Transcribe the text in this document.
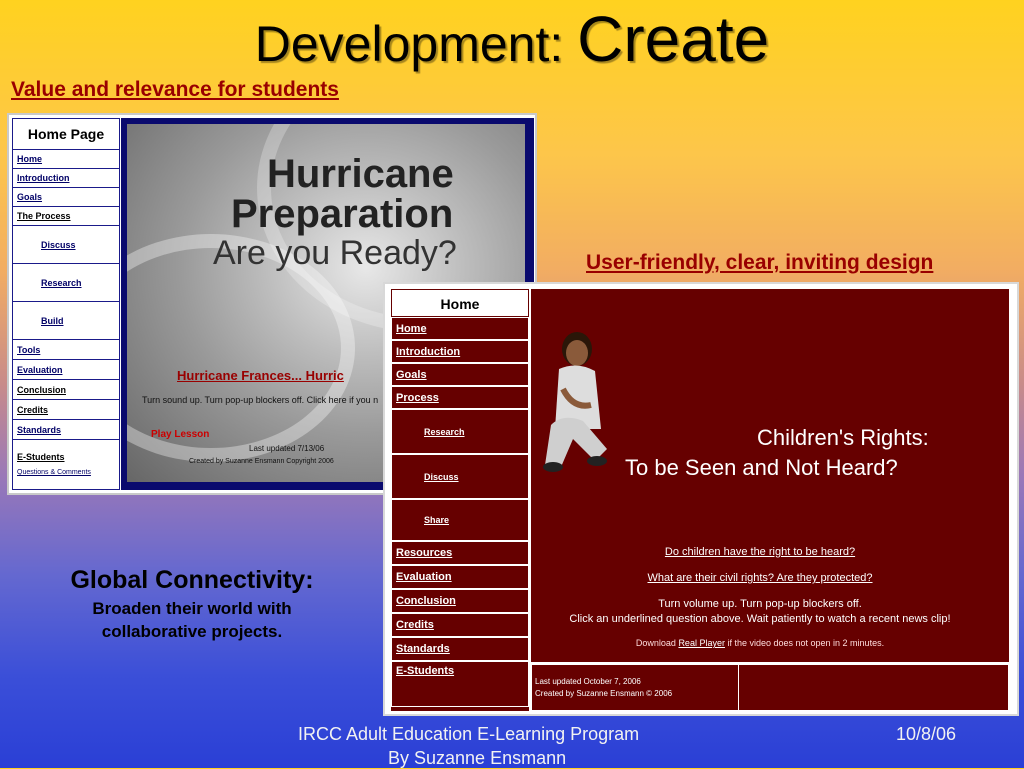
Development: Create
Value and relevance for students
User-friendly, clear, inviting design
Home Page
Home
Introduction
Goals
The Process
Discuss
Research
Build
Tools
Evaluation
Conclusion
Credits
Standards
E-Students
Questions & Comments
Hurricane
Preparation
Are you Ready?
Hurricane Frances... Hurric
Turn sound up. Turn pop-up blockers off. Click here if you n
Play Lesson
Last updated 7/13/06
Created by Suzanne Ensmann Copyright 2006
Home
Home
Introduction
Goals
Process
Research
Discuss
Share
Resources
Evaluation
Conclusion
Credits
Standards
E-Students
Children's Rights:
To be Seen and Not Heard?
Do children have the right to be heard?
What are their civil rights? Are they protected?
Turn volume up. Turn pop-up blockers off.
Click an underlined question above. Wait patiently to watch a recent news clip!
Download Real Player if the video does not open in 2 minutes.
Last updated October 7, 2006
Created by Suzanne Ensmann © 2006
Global Connectivity:
Broaden their world with
collaborative projects.
IRCC Adult Education E-Learning Program
By Suzanne Ensmann
10/8/06
